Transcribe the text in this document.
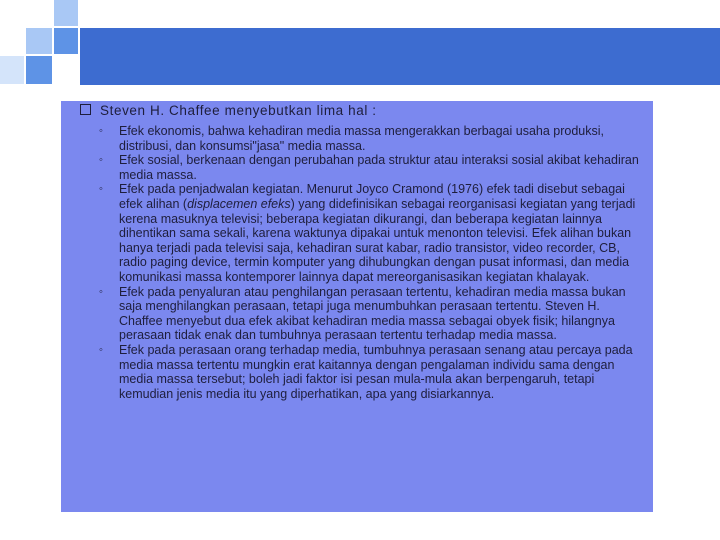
Steven H. Chaffee menyebutkan lima hal :
◦ Efek ekonomis, bahwa kehadiran media massa mengerakkan berbagai usaha produksi, distribusi, dan konsumsi"jasa" media massa.
◦ Efek sosial, berkenaan dengan perubahan pada struktur atau interaksi sosial akibat kehadiran media massa.
◦ Efek pada penjadwalan kegiatan. Menurut Joyco Cramond (1976) efek tadi disebut sebagai efek alihan (displacemen efeks) yang didefinisikan sebagai reorganisasi kegiatan yang terjadi kerena masuknya televisi; beberapa kegiatan dikurangi, dan beberapa kegiatan lainnya dihentikan sama sekali, karena waktunya dipakai untuk menonton televisi. Efek alihan bukan hanya terjadi pada televisi saja, kehadiran surat kabar, radio transistor, video recorder, CB, radio paging device, termin komputer yang dihubungkan dengan pusat informasi, dan media komunikasi massa kontemporer lainnya dapat mereorganisasikan kegiatan khalayak.
◦ Efek pada penyaluran atau penghilangan perasaan tertentu, kehadiran media massa bukan saja menghilangkan perasaan, tetapi juga menumbuhkan perasaan tertentu. Steven H. Chaffee menyebut dua efek akibat kehadiran media massa sebagai obyek fisik; hilangnya perasaan tidak enak dan tumbuhnya perasaan tertentu terhadap media massa.
◦ Efek pada perasaan orang terhadap media, tumbuhnya perasaan senang atau percaya pada media massa tertentu mungkin erat kaitannya dengan pengalaman individu sama dengan media massa tersebut; boleh jadi faktor isi pesan mula-mula akan berpengaruh, tetapi kemudian jenis media itu yang diperhatikan, apa yang disiarkannya.
